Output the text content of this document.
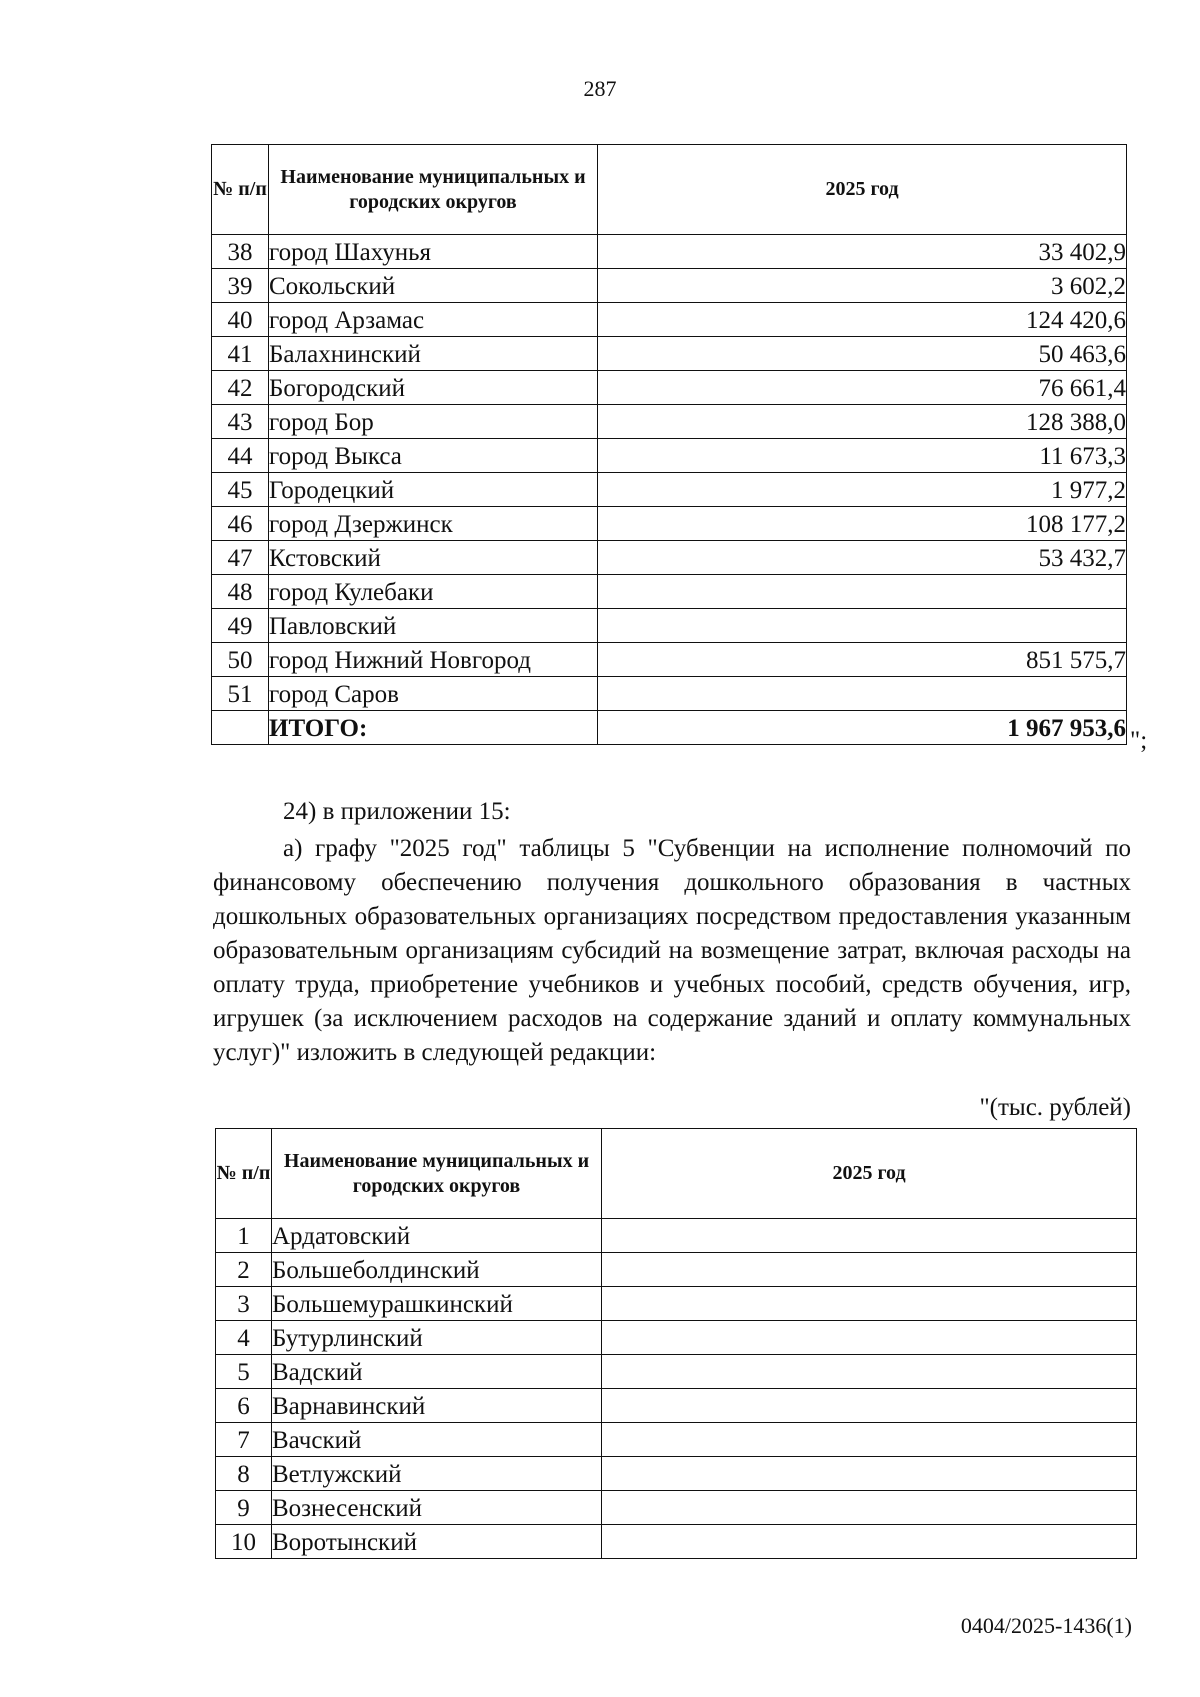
287
№ п/п	Наименование муниципальных и городских округов	2025 год
38	город Шахунья	33 402,9
39	Сокольский	3 602,2
40	город Арзамас	124 420,6
41	Балахнинский	50 463,6
42	Богородский	76 661,4
43	город Бор	128 388,0
44	город Выкса	11 673,3
45	Городецкий	1 977,2
46	город Дзержинск	108 177,2
47	Кстовский	53 432,7
48	город Кулебаки	
49	Павловский	
50	город Нижний Новгород	851 575,7
51	город Саров	
	ИТОГО:	1 967 953,6 ";
24) в приложении 15:
а) графу "2025 год" таблицы 5 "Субвенции на исполнение полномочий по финансовому обеспечению получения дошкольного образования в частных дошкольных образовательных организациях посредством предоставления указанным образовательным организациям субсидий на возмещение затрат, включая расходы на оплату труда, приобретение учебников и учебных пособий, средств обучения, игр, игрушек (за исключением расходов на содержание зданий и оплату коммунальных услуг)" изложить в следующей редакции:
"(тыс. рублей)
№ п/п	Наименование муниципальных и городских округов	2025 год
1	Ардатовский	
2	Большеболдинский	
3	Большемурашкинский	
4	Бутурлинский	
5	Вадский	
6	Варнавинский	
7	Вачский	
8	Ветлужский	
9	Вознесенский	
10	Воротынский	
0404/2025-1436(1)
